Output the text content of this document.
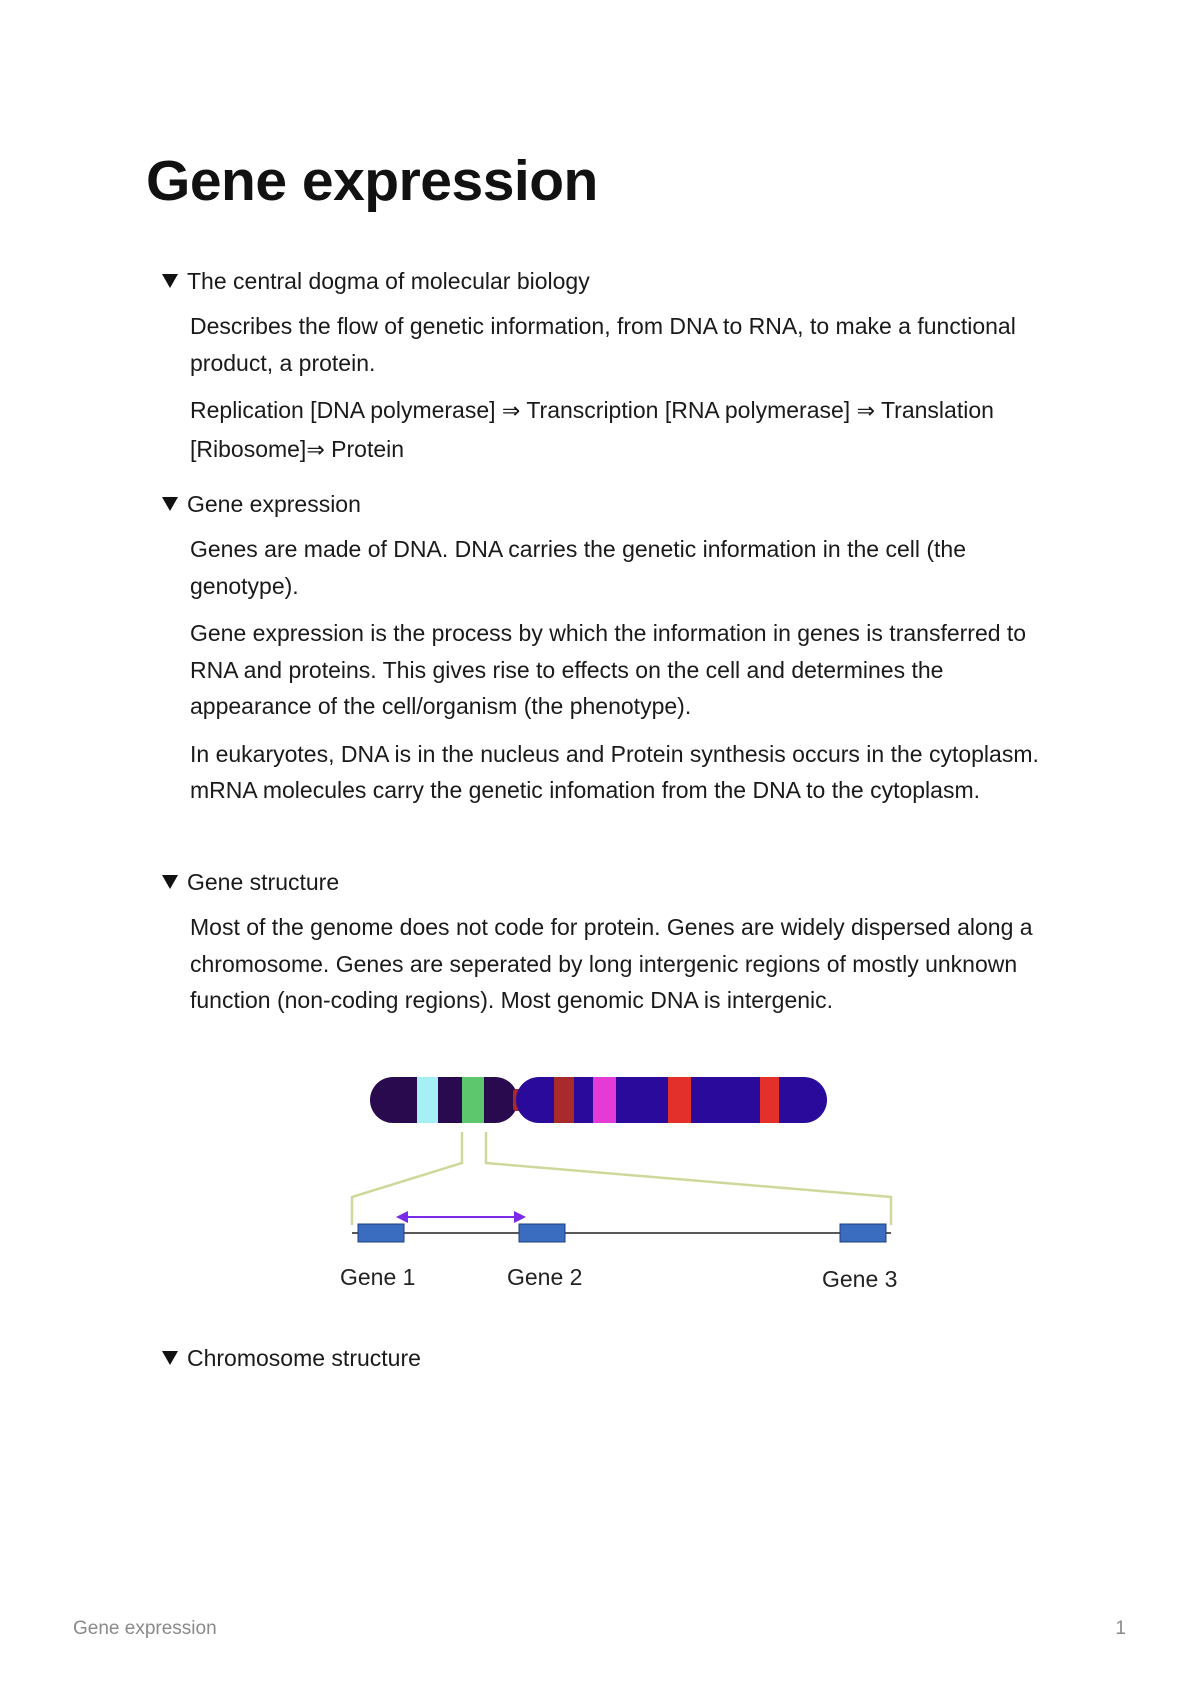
Gene expression
The central dogma of molecular biology

Describes the flow of genetic information, from DNA to RNA, to make a functional product, a protein.

Replication [DNA polymerase] ⇒ Transcription [RNA polymerase] ⇒ Translation [Ribosome]⇒ Protein

Gene expression

Genes are made of DNA. DNA carries the genetic information in the cell (the genotype).

Gene expression is the process by which the information in genes is transferred to RNA and proteins. This gives rise to effects on the cell and determines the appearance of the cell/organism (the phenotype).

In eukaryotes, DNA is in the nucleus and Protein synthesis occurs in the cytoplasm. mRNA molecules carry the genetic infomation from the DNA to the cytoplasm.

Gene structure

Most of the genome does not code for protein. Genes are widely dispersed along a chromosome. Genes are seperated by long intergenic regions of mostly unknown function (non-coding regions). Most genomic DNA is intergenic.

Gene 1	Gene 2	Gene 3
Chromosome structure
Gene expression	1
